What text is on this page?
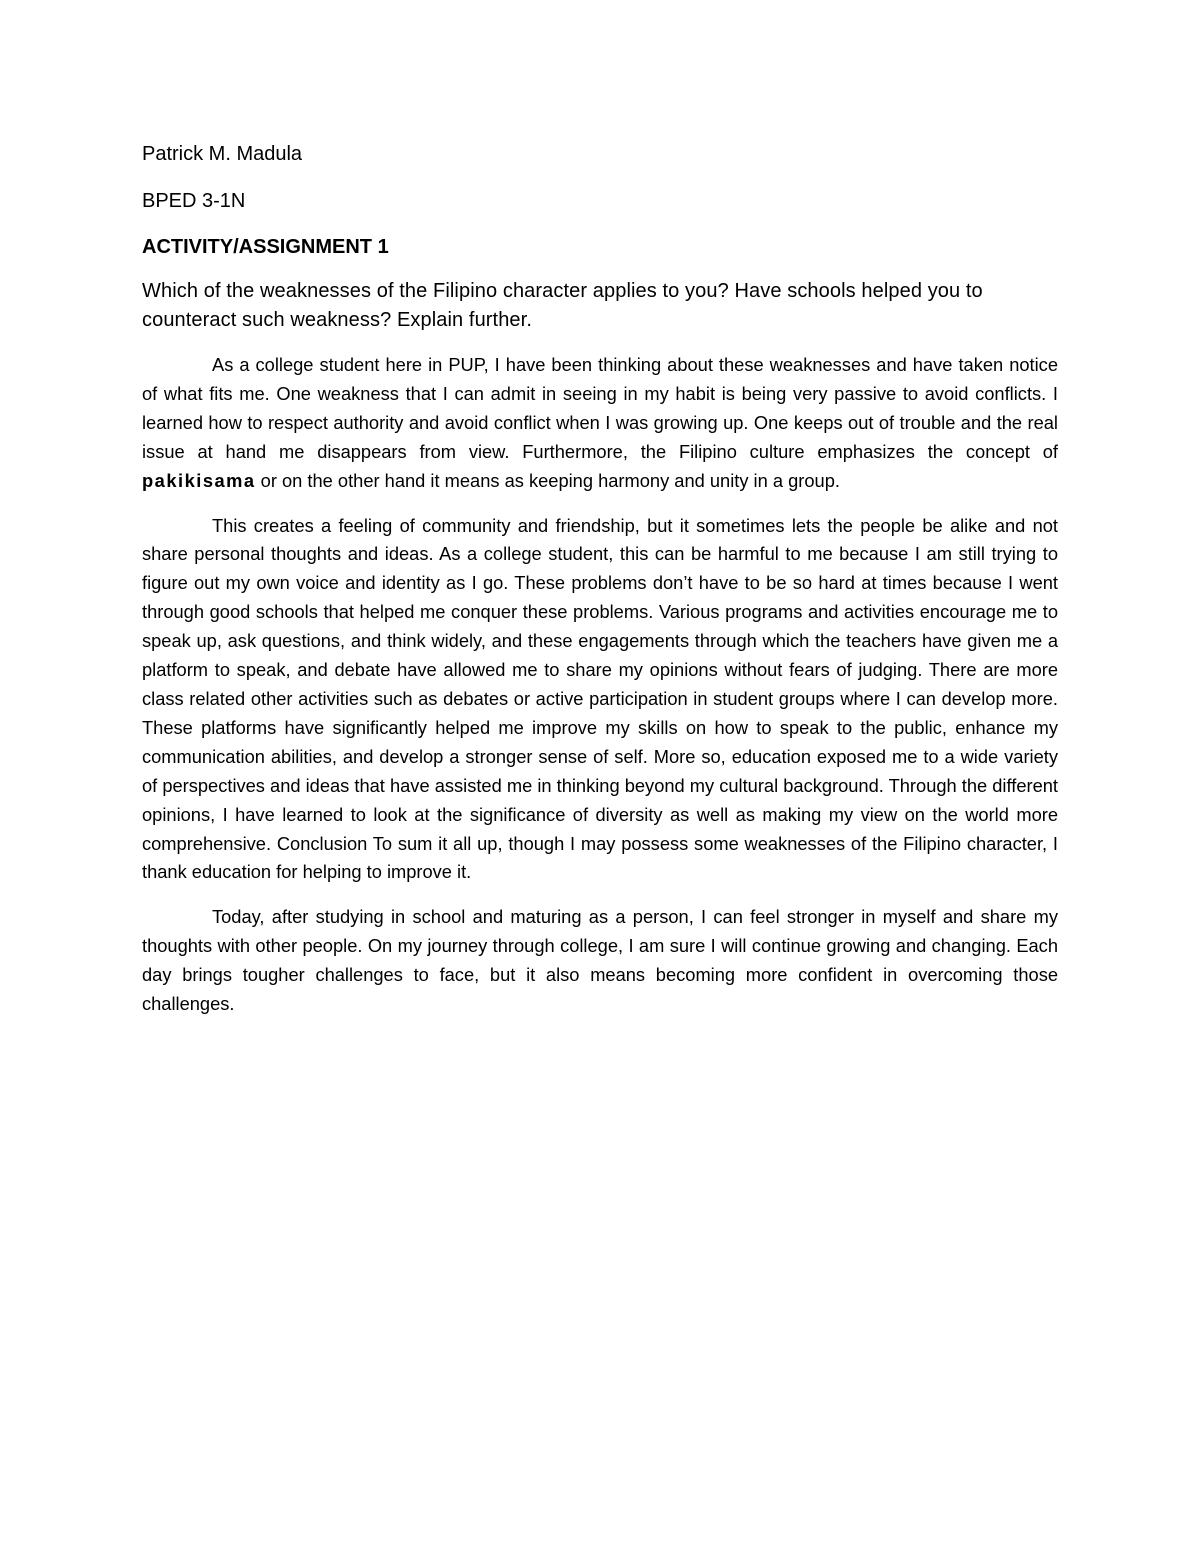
Patrick M. Madula

BPED 3-1N

ACTIVITY/ASSIGNMENT 1

Which of the weaknesses of the Filipino character applies to you? Have schools helped you to counteract such weakness? Explain further.

As a college student here in PUP, I have been thinking about these weaknesses and have taken notice of what fits me. One weakness that I can admit in seeing in my habit is being very passive to avoid conflicts. I learned how to respect authority and avoid conflict when I was growing up. One keeps out of trouble and the real issue at hand me disappears from view. Furthermore, the Filipino culture emphasizes the concept of pakikisama or on the other hand it means as keeping harmony and unity in a group.

This creates a feeling of community and friendship, but it sometimes lets the people be alike and not share personal thoughts and ideas. As a college student, this can be harmful to me because I am still trying to figure out my own voice and identity as I go. These problems don’t have to be so hard at times because I went through good schools that helped me conquer these problems. Various programs and activities encourage me to speak up, ask questions, and think widely, and these engagements through which the teachers have given me a platform to speak, and debate have allowed me to share my opinions without fears of judging. There are more class related other activities such as debates or active participation in student groups where I can develop more. These platforms have significantly helped me improve my skills on how to speak to the public, enhance my communication abilities, and develop a stronger sense of self. More so, education exposed me to a wide variety of perspectives and ideas that have assisted me in thinking beyond my cultural background. Through the different opinions, I have learned to look at the significance of diversity as well as making my view on the world more comprehensive. Conclusion To sum it all up, though I may possess some weaknesses of the Filipino character, I thank education for helping to improve it.

Today, after studying in school and maturing as a person, I can feel stronger in myself and share my thoughts with other people. On my journey through college, I am sure I will continue growing and changing. Each day brings tougher challenges to face, but it also means becoming more confident in overcoming those challenges.
